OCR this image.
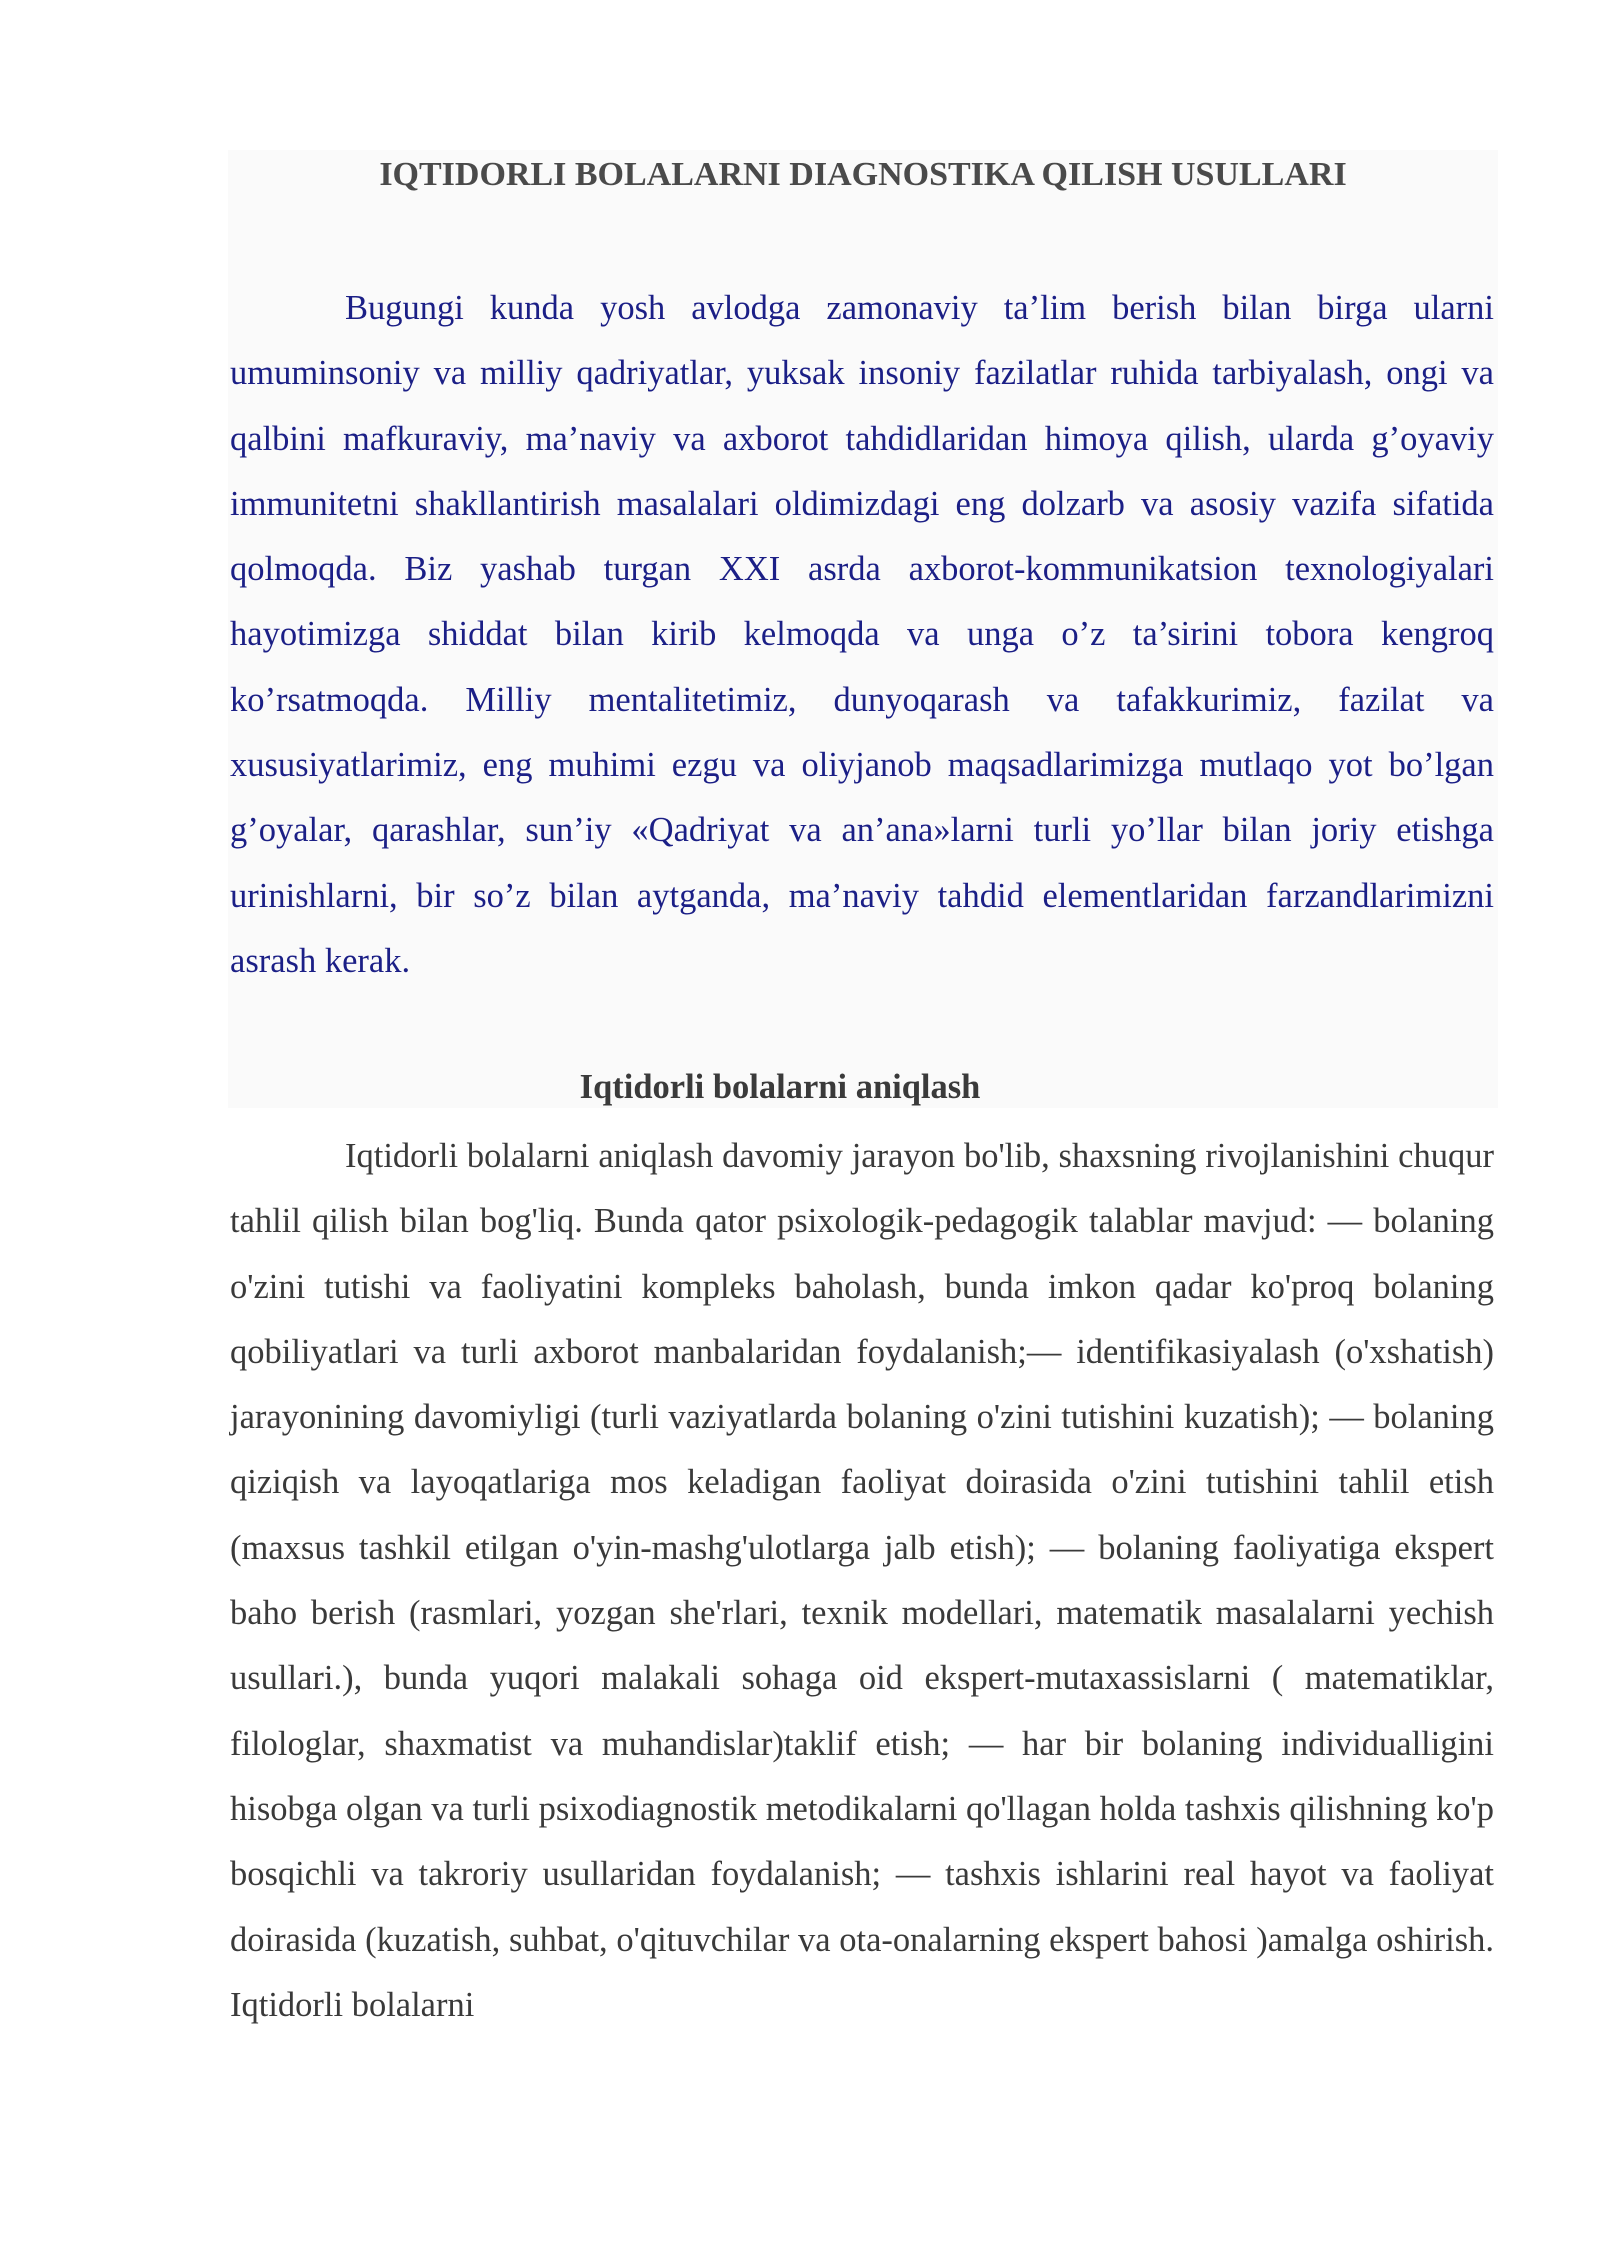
IQTIDORLI BOLALARNI DIAGNOSTIKA QILISH USULLARI

Bugungi kunda yosh avlodga zamonaviy ta’lim berish bilan birga ularni umuminsoniy va milliy qadriyatlar, yuksak insoniy fazilatlar ruhida tarbiyalash, ongi va qalbini mafkuraviy, ma’naviy va axborot tahdidlaridan himoya qilish, ularda g’oyaviy immunitetni shakllantirish masalalari oldimizdagi eng dolzarb va asosiy vazifa sifatida qolmoqda. Biz yashab turgan XXI asrda axborot-kommunikatsion texnologiyalari hayotimizga shiddat bilan kirib kelmoqda va unga o’z ta’sirini tobora kengroq ko’rsatmoqda. Milliy mentalitetimiz, dunyoqarash va tafakkurimiz, fazilat va xususiyatlarimiz, eng muhimi ezgu va oliyjanob maqsadlarimizga mutlaqo yot bo’lgan g’oyalar, qarashlar, sun’iy «Qadriyat va an’ana»larni turli yo’llar bilan joriy etishga urinishlarni, bir so’z bilan aytganda, ma’naviy tahdid elementlaridan farzandlarimizni asrash kerak.

Iqtidorli bolalarni aniqlash

Iqtidorli bolalarni aniqlash davomiy jarayon bo'lib, shaxsning rivojlanishini chuqur tahlil qilish bilan bog'liq. Bunda qator psixologik-pedagogik talablar mavjud: — bolaning o'zini tutishi va faoliyatini kompleks baholash, bunda imkon qadar ko'proq bolaning qobiliyatlari va turli axborot manbalaridan foydalanish;— identifikasiyalash (o'xshatish) jarayonining davomiyligi (turli vaziyatlarda bolaning o'zini tutishini kuzatish); — bolaning qiziqish va layoqatlariga mos keladigan faoliyat doirasida o'zini tutishini tahlil etish (maxsus tashkil etilgan o'yin-mashg'ulotlarga jalb etish); — bolaning faoliyatiga ekspert baho berish (rasmlari, yozgan she'rlari, texnik modellari, matematik masalalarni yechish usullari.), bunda yuqori malakali sohaga oid ekspert-mutaxassislarni ( matematiklar, filologlar, shaxmatist va muhandislar)taklif etish; — har bir bolaning individualligini hisobga olgan va turli psixodiagnostik metodikalarni qo'llagan holda tashxis qilishning ko'p bosqichli va takroriy usullaridan foydalanish; — tashxis ishlarini real hayot va faoliyat doirasida (kuzatish, suhbat, o'qituvchilar va ota-onalarning ekspert bahosi )amalga oshirish. Iqtidorli bolalarni
